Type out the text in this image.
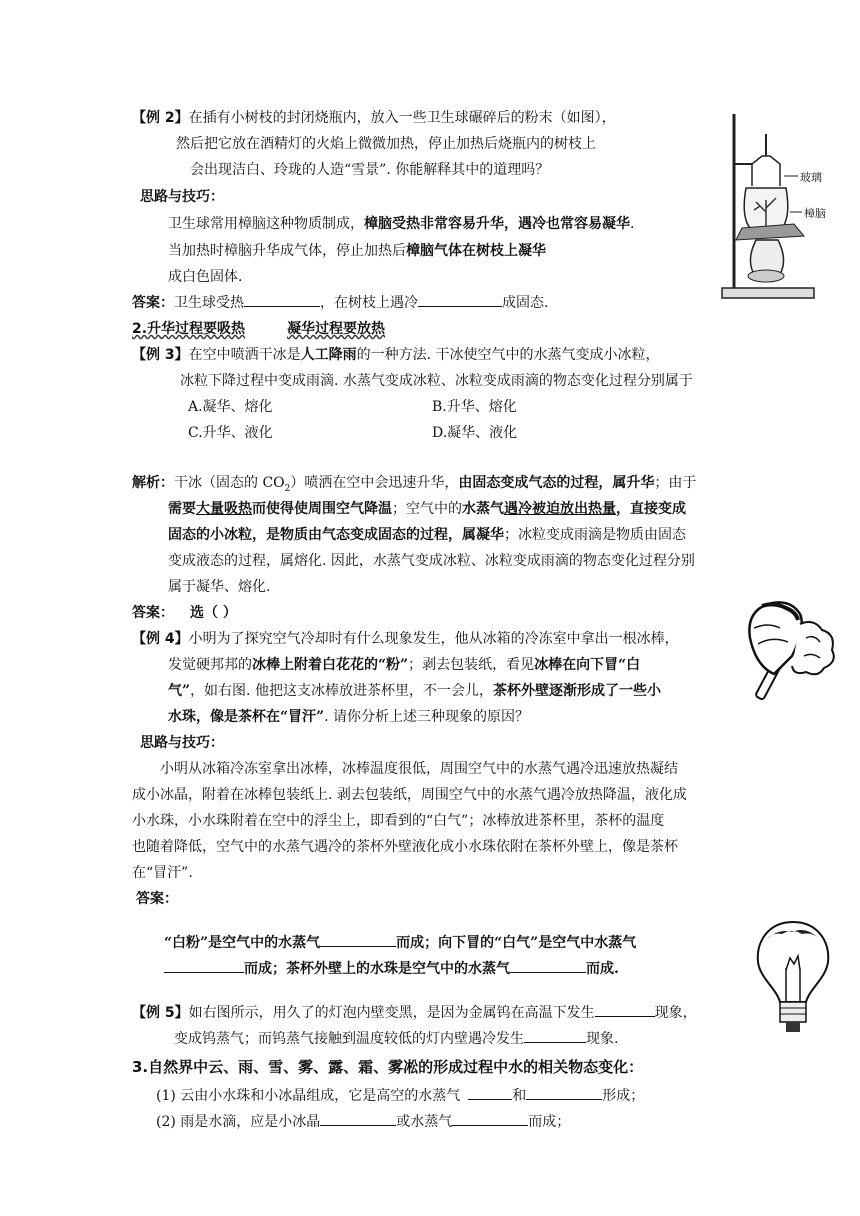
【例 2】在插有小树枝的封闭烧瓶内，放入一些卫生球碾碎后的粉末（如图），
然后把它放在酒精灯的火焰上微微加热，停止加热后烧瓶内的树枝上
会出现洁白、玲珑的人造“雪景”. 你能解释其中的道理吗？
思路与技巧：
卫生球常用樟脑这种物质制成，樟脑受热非常容易升华，遇冷也常容易凝华.
当加热时樟脑升华成气体，停止加热后樟脑气体在树枝上凝华
成白色固体.
答案：卫生球受热	，在树枝上遇冷	成固态.
玻璃
樟脑
2.升华过程要吸热	凝华过程要放热
【例 3】在空中喷洒干冰是人工降雨的一种方法. 干冰使空气中的水蒸气变成小冰粒，
冰粒下降过程中变成雨滴. 水蒸气变成冰粒、冰粒变成雨滴的物态变化过程分别属于
A.凝华、熔化	B.升华、熔化
C.升华、液化	D.凝华、液化
解析：干冰（固态的 $CO_2$）喷洒在空中会迅速升华，由固态变成气态的过程，属升华；由于
需要大量吸热而使得使周围空气降温；空气中的水蒸气遇冷被迫放出热量，直接变成
固态的小冰粒，是物质由气态变成固态的过程，属凝华；冰粒变成雨滴是物质由固态
变成液态的过程，属熔化. 因此，水蒸气变成冰粒、冰粒变成雨滴的物态变化过程分别
属于凝华、熔化.
答案： 选（ ）
【例 4】小明为了探究空气冷却时有什么现象发生，他从冰箱的冷冻室中拿出一根冰棒，
发觉硬邦邦的冰棒上附着白花花的“粉”；剥去包装纸，看见冰棒在向下冒“白
气”，如右图. 他把这支冰棒放进茶杯里，不一会儿，茶杯外壁逐渐形成了一些小
水珠，像是茶杯在“冒汗”. 请你分析上述三种现象的原因？
思路与技巧：
小明从冰箱冷冻室拿出冰棒，冰棒温度很低，周围空气中的水蒸气遇冷迅速放热凝结
成小冰晶，附着在冰棒包装纸上. 剥去包装纸，周围空气中的水蒸气遇冷放热降温，液化成
小水珠，小水珠附着在空中的浮尘上，即看到的“白气”；冰棒放进茶杯里，茶杯的温度
也随着降低，空气中的水蒸气遇冷的茶杯外壁液化成小水珠依附在茶杯外壁上，像是茶杯
在“冒汗”.
答案：
“白粉”是空气中的水蒸气	而成；向下冒的“白气”是空气中水蒸气
而成；茶杯外壁上的水珠是空气中的水蒸气	而成.
【例 5】如右图所示，用久了的灯泡内壁变黑，是因为金属钨在高温下发生	现象，
变成钨蒸气；而钨蒸气接触到温度较低的灯内壁遇冷发生	现象.
3.自然界中云、雨、雪、雾、露、霜、雾凇的形成过程中水的相关物态变化：
(1) 云由小水珠和小冰晶组成，它是高空的水蒸气	和	形成；
(2) 雨是水滴，应是小冰晶	或水蒸气	而成；
